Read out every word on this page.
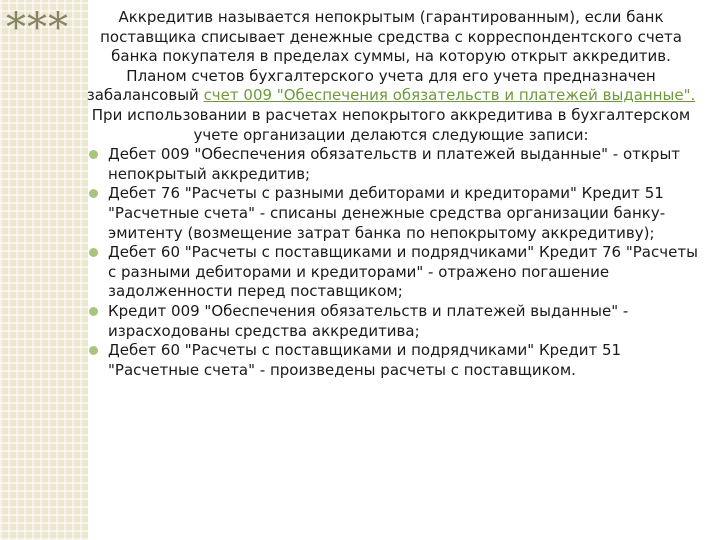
***	Аккредитив называется непокрытым (гарантированным), если банк поставщика списывает денежные средства с корреспондентского счета банка покупателя в пределах суммы, на которую открыт аккредитив.

Планом счетов бухгалтерского учета для его учета предназначен забалансовый счет 009 "Обеспечения обязательств и платежей выданные".

При использовании в расчетах непокрытого аккредитива в бухгалтерском учете организации делаются следующие записи:

Дебет 009 "Обеспечения обязательств и платежей выданные" - открыт непокрытый аккредитив;
Дебет 76 "Расчеты с разными дебиторами и кредиторами" Кредит 51 "Расчетные счета" - списаны денежные средства организации банку-эмитенту (возмещение затрат банка по непокрытому аккредитиву);
Дебет 60 "Расчеты с поставщиками и подрядчиками" Кредит 76 "Расчеты с разными дебиторами и кредиторами" - отражено погашение задолженности перед поставщиком;
Кредит 009 "Обеспечения обязательств и платежей выданные" - израсходованы средства аккредитива;
Дебет 60 "Расчеты с поставщиками и подрядчиками" Кредит 51 "Расчетные счета" - произведены расчеты с поставщиком.
